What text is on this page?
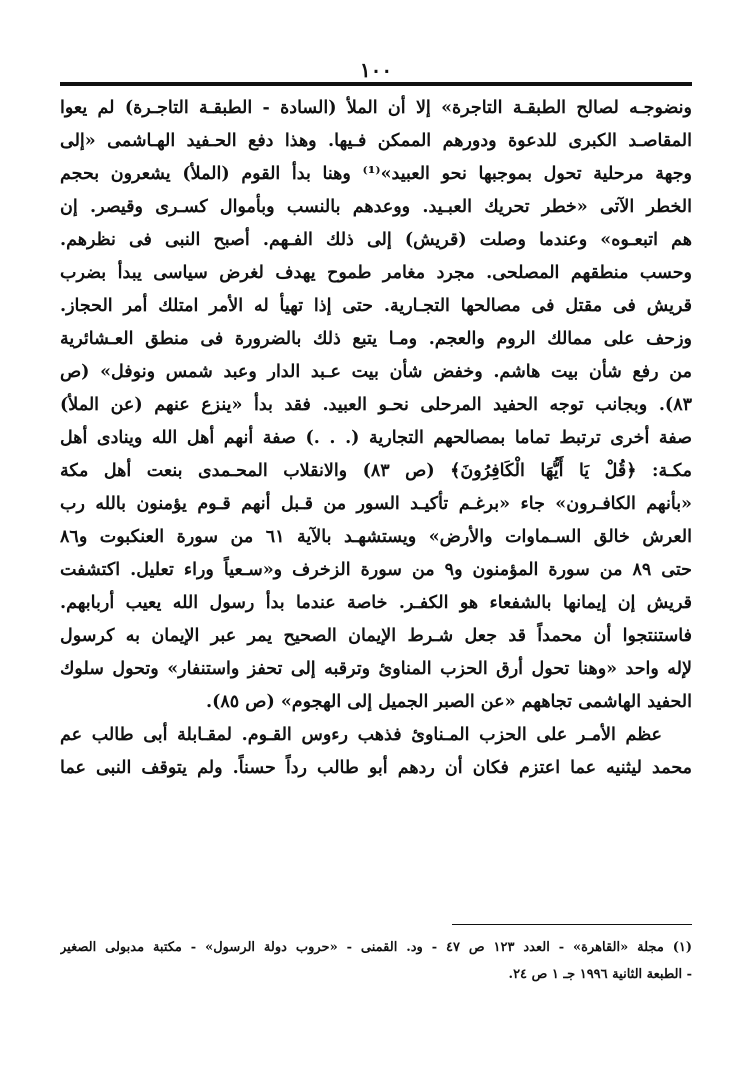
١٠٠
ونضوجـه لصالح الطبقـة التاجرة» إلا أن الملأ (السادة - الطبقـة التاجـرة) لم يعوا
المقاصـد الكبرى للدعوة ودورهم الممكن فـيها. وهذا دفع الحـفيد الهـاشمى «إلى
وجهة مرحلية تحول بموجبها نحو العبيد»⁽¹⁾ وهنا بدأ القوم (الملأ) يشعرون بحجم
الخطر الآتى «خطر تحريك العبـيد. ووعدهم بالنسب وبأموال كسـرى وقيصر. إن
هم اتبعـوه» وعندما وصلت (قريش) إلى ذلك الفـهم. أصبح النبى فى نظرهم.
وحسب منطقهم المصلحى. مجرد مغامر طموح يهدف لغرض سياسى يبدأ بضرب
قريش فى مقتل فى مصالحها التجـارية. حتى إذا تهيأ له الأمر امتلك أمر الحجاز.
وزحف على ممالك الروم والعجم. ومـا يتبع ذلك بالضرورة فى منطق العـشائرية
من رفع شأن بيت هاشم. وخفض شأن بيت عـبد الدار وعبد شمس ونوفل» (ص
٨٣). وبجانب توجه الحفيد المرحلى نحـو العبيد. فقد بدأ «ينزع عنهم (عن الملأ)
صفة أخرى ترتبط تماما بمصالحهم التجارية (. . .) صفة أنهم أهل الله وينادى أهل
مكـة: ﴿قُلْ يَا أَيُّهَا الْكَافِرُونَ﴾ (ص ٨٣) والانقلاب المحـمدى بنعت أهل مكة
«بأنهم الكافـرون» جاء «برغـم تأكيـد السور من قـبل أنهم قـوم يؤمنون بالله رب
العرش خالق السـماوات والأرض» ويستشهـد بالآية ٦١ من سورة العنكبوت و٨٦
حتى ٨٩ من سورة المؤمنون و٩ من سورة الزخرف و«سـعياً وراء تعليل. اكتشفت
قريش إن إيمانها بالشفعاء هو الكفـر. خاصة عندما بدأ رسول الله يعيب أربابهم.
فاستنتجوا أن محمداً قد جعل شـرط الإيمان الصحيح يمر عبر الإيمان به كرسول
لإله واحد «وهنا تحول أرق الحزب المناوئ وترقبه إلى تحفز واستنفار» وتحول سلوك
الحفيد الهاشمى تجاههم «عن الصبر الجميل إلى الهجوم» (ص ٨٥).
عظم الأمـر على الحزب المـناوئ فذهب رءوس القـوم. لمقـابلة أبى طالب عم
محمد ليثنيه عما اعتزم فكان أن ردهم أبو طالب رداً حسناً. ولم يتوقف النبى عما
(١) مجلة «القاهرة» - العدد ١٢٣ ص ٤٧ - ود. القمنى - «حروب دولة الرسول» - مكتبة مدبولى الصغير
- الطبعة الثانية ١٩٩٦ جـ ١ ص ٢٤.
